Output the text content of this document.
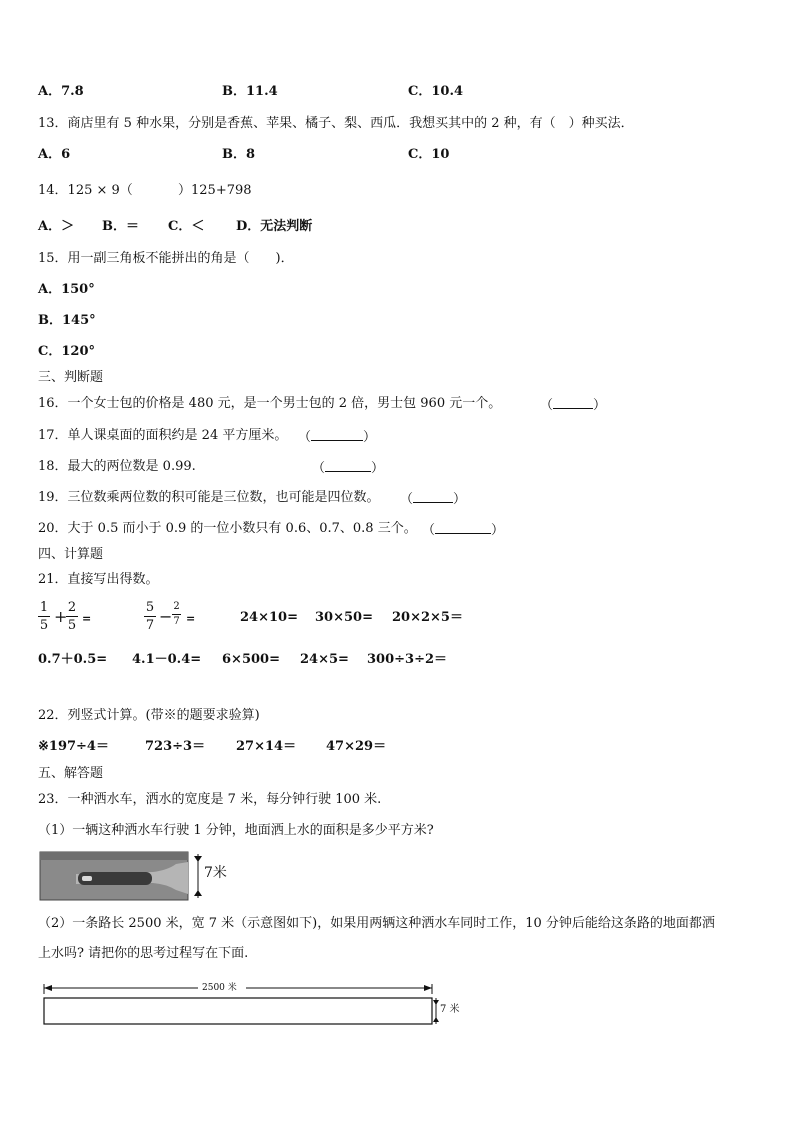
A．7.8	B．11.4	C．10.4
13．商店里有 5 种水果，分别是香蕉、苹果、橘子、梨、西瓜．我想买其中的 2 种，有（　）种买法．
A．6	B．8	C．10
14．125 × 9（	）125+798
A．＞ B．＝ C．＜ D．无法判断
15．用一副三角板不能拼出的角是（　　)．
A．150°
B．145°
C．120°
三、判断题
16．一个女士包的价格是 480 元，是一个男士包的 2 倍，男士包 960 元一个。	（	）
17．单人课桌面的面积约是 24 平方厘米。 （	）
18．最大的两位数是 0.99.	（	）
19．三位数乘两位数的积可能是三位数，也可能是四位数。 （	）
20．大于 0.5 而小于 0.9 的一位小数只有 0.6、0.7、0.8 三个。 （	）
四、计算题
21．直接写出得数。
1
5 + 2
5 =
5
7 −
2
7 =	24×10= 30×50= 20×2×5＝
0.7＋0.5= 4.1－0.4= 6×500= 24×5= 300÷3÷2＝
22．列竖式计算。(带※的题要求验算)
※197÷4＝	723÷3＝ 27×14＝ 47×29＝
五、解答题
23．一种洒水车，洒水的宽度是 7 米，每分钟行驶 100 米.
（1）一辆这种洒水车行驶 1 分钟，地面洒上水的面积是多少平方米?
7米
（2）一条路长 2500 米，宽 7 米（示意图如下)，如果用两辆这种洒水车同时工作，10 分钟后能给这条路的地面都洒
上水吗? 请把你的思考过程写在下面.
2500 米
7 米
